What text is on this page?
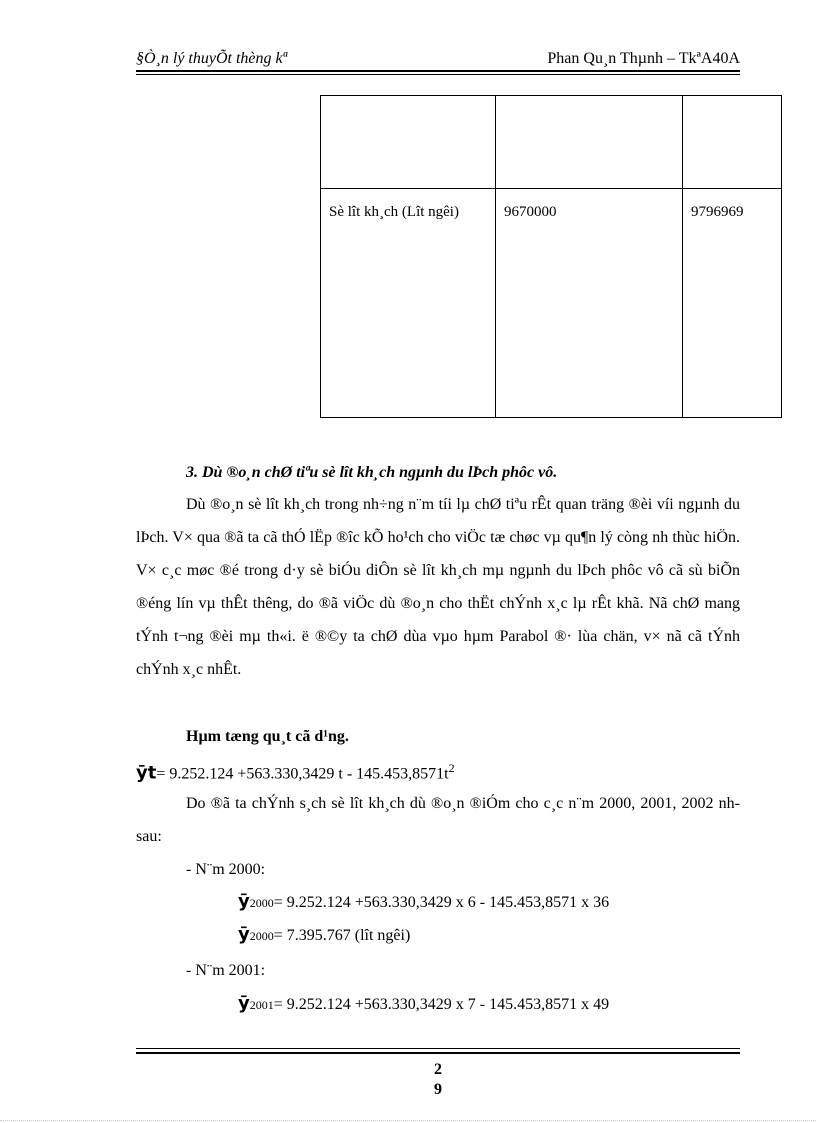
§Ò¸n lý thuyÕt thèng kª	Phan Qu¸n Thµnh – TkªA40A

Sè lît kh¸ch (Lît ngêi)	9670000	9796969
3. Dù ®o¸n chØ tiªu sè lît kh¸ch ngµnh du lÞch phôc vô.
Dù ®o¸n sè lît kh¸ch trong nh÷ng n¨m tíi lµ chØ tiªu rÊt quan träng ®èi víi ngµnh du lÞch. V× qua ®ã ta cã thÓ lËp ®îc kÕ ho¹ch cho viÖc tæ chøc vµ qu¶n lý còng nh thùc hiÖn. V× c¸c møc ®é trong d·y sè biÓu diÔn sè lît kh¸ch mµ ngµnh du lÞch phôc vô cã sù biÕn ®éng lín vµ thÊt thêng, do ®ã viÖc dù ®o¸n cho thËt chÝnh x¸c lµ rÊt khã. Nã chØ mang tÝnh t¬ng ®èi mµ th«i. ë ®©y ta chØ dùa vµo hµm Parabol ®· lùa chän, v× nã cã tÝnh chÝnh x¸c nhÊt.
Hµm tæng qu¸t cã d¹ng.
ȳt= 9.252.124 +563.330,3429 t - $145.453,8571t^2$
Do ®ã ta chÝnh s¸ch sè lît kh¸ch dù ®o¸n ®iÓm cho c¸c n¨m 2000, 2001, 2002 nh sau:
- N¨m 2000:
ȳ2000= 9.252.124 +563.330,3429 x 6 - 145.453,8571 x 36
ȳ2000= 7.395.767 (lît ngêi)
- N¨m 2001:
ȳ2001= 9.252.124 +563.330,3429 x 7 - 145.453,8571 x 49
2
9
